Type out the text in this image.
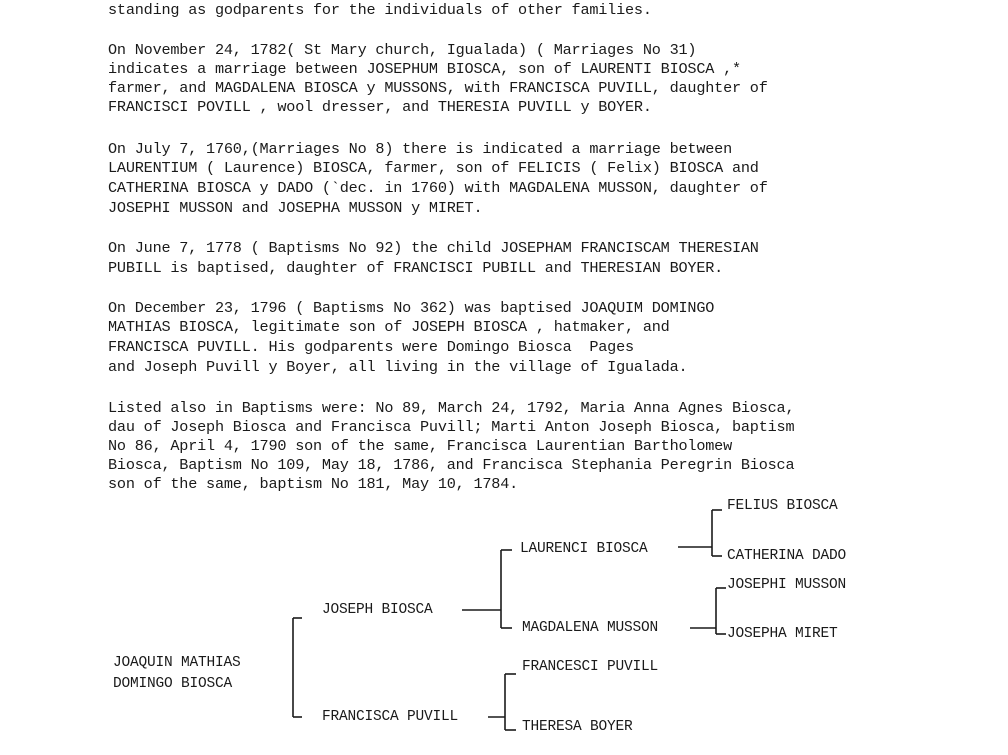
standing as godparents for the individuals of other families.
On November 24, 1782( St Mary church, Igualada) ( Marriages No 31)
indicates a marriage between JOSEPHUM BIOSCA, son of LAURENTI BIOSCA ,*
farmer, and MAGDALENA BIOSCA y MUSSONS, with FRANCISCA PUVILL, daughter of
FRANCISCI POVILL , wool dresser, and THERESIA PUVILL y BOYER.
On July 7, 1760,(Marriages No 8) there is indicated a marriage between
LAURENTIUM ( Laurence) BIOSCA, farmer, son of FELICIS ( Felix) BIOSCA and
CATHERINA BIOSCA y DADO (`dec. in 1760) with MAGDALENA MUSSON, daughter of
JOSEPHI MUSSON and JOSEPHA MUSSON y MIRET.
On June 7, 1778 ( Baptisms No 92) the child JOSEPHAM FRANCISCAM THERESIAN
PUBILL is baptised, daughter of FRANCISCI PUBILL and THERESIAN BOYER.
On December 23, 1796 ( Baptisms No 362) was baptised JOAQUIM DOMINGO
MATHIAS BIOSCA, legitimate son of JOSEPH BIOSCA , hatmaker, and
FRANCISCA PUVILL. His godparents were Domingo Biosca  Pages
and Joseph Puvill y Boyer, all living in the village of Igualada.
Listed also in Baptisms were: No 89, March 24, 1792, Maria Anna Agnes Biosca,
dau of Joseph Biosca and Francisca Puvill; Marti Anton Joseph Biosca, baptism
No 86, April 4, 1790 son of the same, Francisca Laurentian Bartholomew
Biosca, Baptism No 109, May 18, 1786, and Francisca Stephania Peregrin Biosca
son of the same, baptism No 181, May 10, 1784.
JOAQUIN MATHIAS
DOMINGO BIOSCA
JOSEPH BIOSCA
FRANCISCA PUVILL
LAURENCI BIOSCA
MAGDALENA MUSSON
FRANCESCI PUVILL
THERESA BOYER
FELIUS BIOSCA
CATHERINA DADO
JOSEPHI MUSSON
JOSEPHA MIRET
